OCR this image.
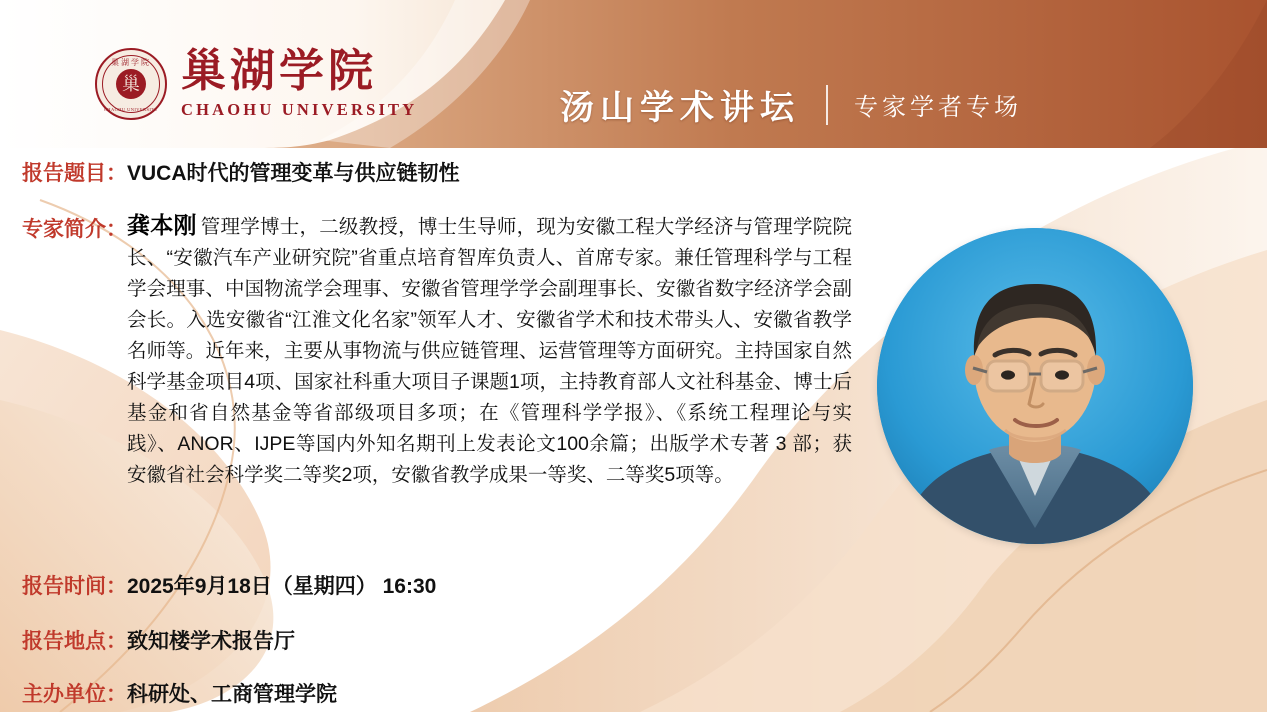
巢湖学院
巢
CHAOHU UNIVERSITY
巢湖学院
CHAOHU UNIVERSITY	汤山学术讲坛 专家学者专场
报告题目： VUCA时代的管理变革与供应链韧性
专家简介： 龚本刚 管理学博士，二级教授，博士生导师，现为安徽工程大学经济与管理学院院长、“安徽汽车产业研究院”省重点培育智库负责人、首席专家。兼任管理科学与工程学会理事、中国物流学会理事、安徽省管理学学会副理事长、安徽省数字经济学会副会长。入选安徽省“江淮文化名家”领军人才、安徽省学术和技术带头人、安徽省教学名师等。近年来，主要从事物流与供应链管理、运营管理等方面研究。主持国家自然科学基金项目4项、国家社科重大项目子课题1项，主持教育部人文社科基金、博士后基金和省自然基金等省部级项目多项；在《管理科学学报》、《系统工程理论与实践》、ANOR、IJPE等国内外知名期刊上发表论文100余篇；出版学术专著 3 部；获安徽省社会科学奖二等奖2项，安徽省教学成果一等奖、二等奖5项等。
报告时间： 2025年9月18日（星期四） 16:30
报告地点： 致知楼学术报告厅
主办单位： 科研处、工商管理学院
